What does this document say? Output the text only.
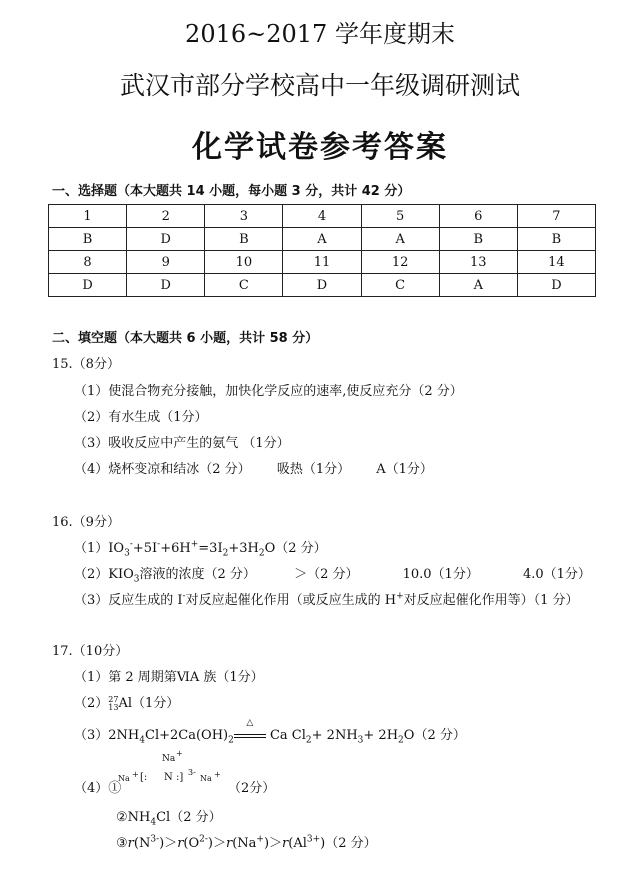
2016~2017 学年度期末
武汉市部分学校高中一年级调研测试
化学试卷参考答案
一、选择题（本大题共 14 小题，每小题 3 分，共计 42 分）
1	2	3	4	5	6	7
B	D	B	A	A	B	B
8	9	10	11	12	13	14
D	D	C	D	C	A	D
二、填空题（本大题共 6 小题，共计 58 分）
15.（8分）
（1）使混合物充分接触，加快化学反应的速率,使反应充分（2 分）
（2）有水生成（1分）
（3）吸收反应中产生的氨气 （1分）
（4）烧杯变凉和结冰（2 分） 吸热（1分） A（1分）
16.（9分）
$(1)IO_3^-+5I^-+6H^+=3I_2+3H_2O(2$ 分）
$(2)KIO_3$溶液的浓度（2 分）	＞（2 分）	10.0（1分）	4.0（1分）
（3）反应生成的 I-对反应起催化作用（或反应生成的 H+对反应起催化作用等）（1 分）
17.（10分）
（1）第 2 周期第ⅥA 族（1分）
（2）27
13Al（1分）
$(3)2NH_4Cl+2Ca(OH)_2$
△
Ca $Cl_2+ 2NH_3+ 2H_2O(2$ 分）
（4）①
Na
+
Na + [: N :] 3-
Na +
（2分）
$②NH_4Cl(2$ 分）
$③r(N^{3-})>r(O^{2-})>r(Na^+)>r(Al^{3+})(2$ 分）
